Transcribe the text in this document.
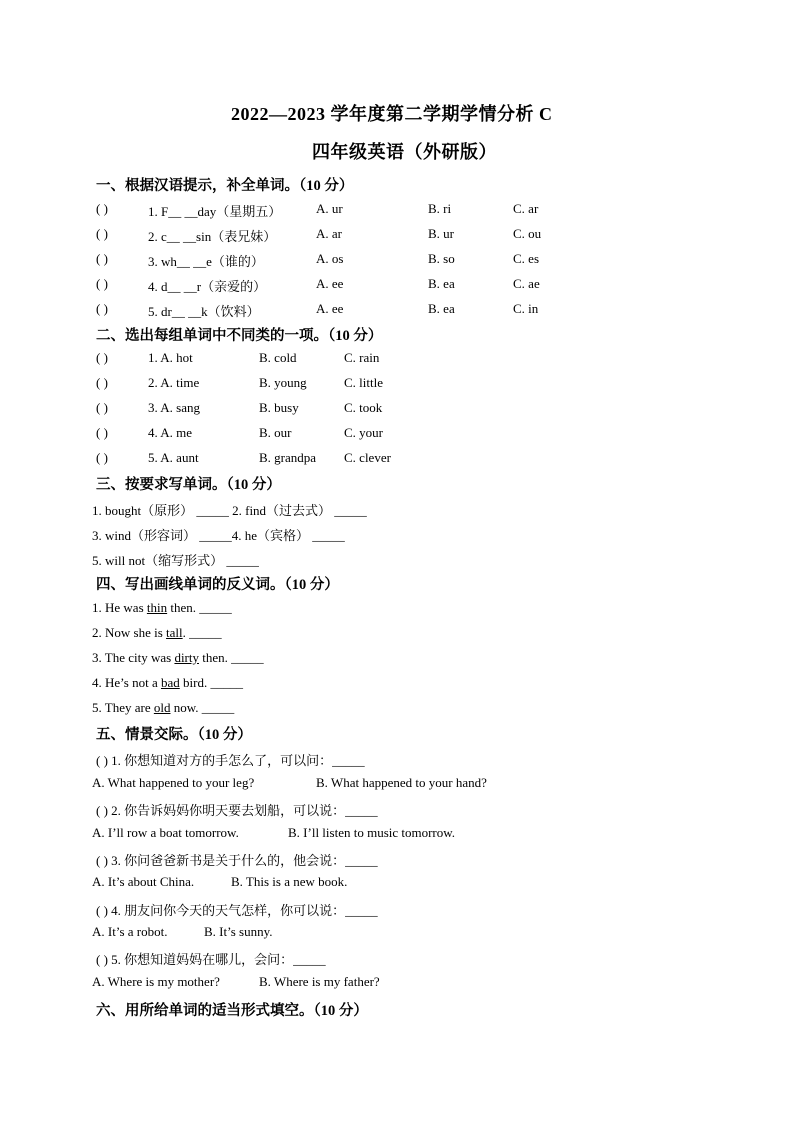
2022—2023 学年度第二学期学情分析 C
四年级英语（外研版）
一、根据汉语提示，补全单词。（10 分）
( )	1. F__ __day（星期五）	A. ur	B. ri	C. ar
( )	2. c__ __sin（表兄妹）	A. ar	B. ur	C. ou
( )	3. wh__ __e（谁的）	A. os	B. so	C. es
( )	4. d__ __r（亲爱的）	A. ee	B. ea	C. ae
( )	5. dr__ __k（饮料）	A. ee	B. ea	C. in
二、选出每组单词中不同类的一项。（10 分）
( )	1. A. hot	B. cold	C. rain
( )	2. A. time	B. young	C. little
( )	3. A. sang	B. busy	C. took
( )	4. A. me	B. our	C. your
( )	5. A. aunt	B. grandpa C. clever
三、按要求写单词。（10 分）
1. bought（原形） _____ 2. find（过去式） _____
3. wind（形容词） _____4. he（宾格） _____
5. will not（缩写形式） _____
四、写出画线单词的反义词。（10 分）
1. He was thin then. _____
2. Now she is tall. _____
3. The city was dirty then. _____
4. He’s not a bad bird. _____
5. They are old now. _____
五、情景交际。（10 分）
( ) 1. 你想知道对方的手怎么了，可以问：_____
A. What happened to your leg?	B. What happened to your hand?
( ) 2. 你告诉妈妈你明天要去划船，可以说：_____
A. I’ll row a boat tomorrow.	B. I’ll listen to music tomorrow.
( ) 3. 你问爸爸新书是关于什么的，他会说：_____
A. It’s about China.	B. This is a new book.
( ) 4. 朋友问你今天的天气怎样，你可以说：_____
A. It’s a robot.	B. It’s sunny.
( ) 5. 你想知道妈妈在哪儿，会问：_____
A. Where is my mother?	B. Where is my father?
六、用所给单词的适当形式填空。（10 分）
